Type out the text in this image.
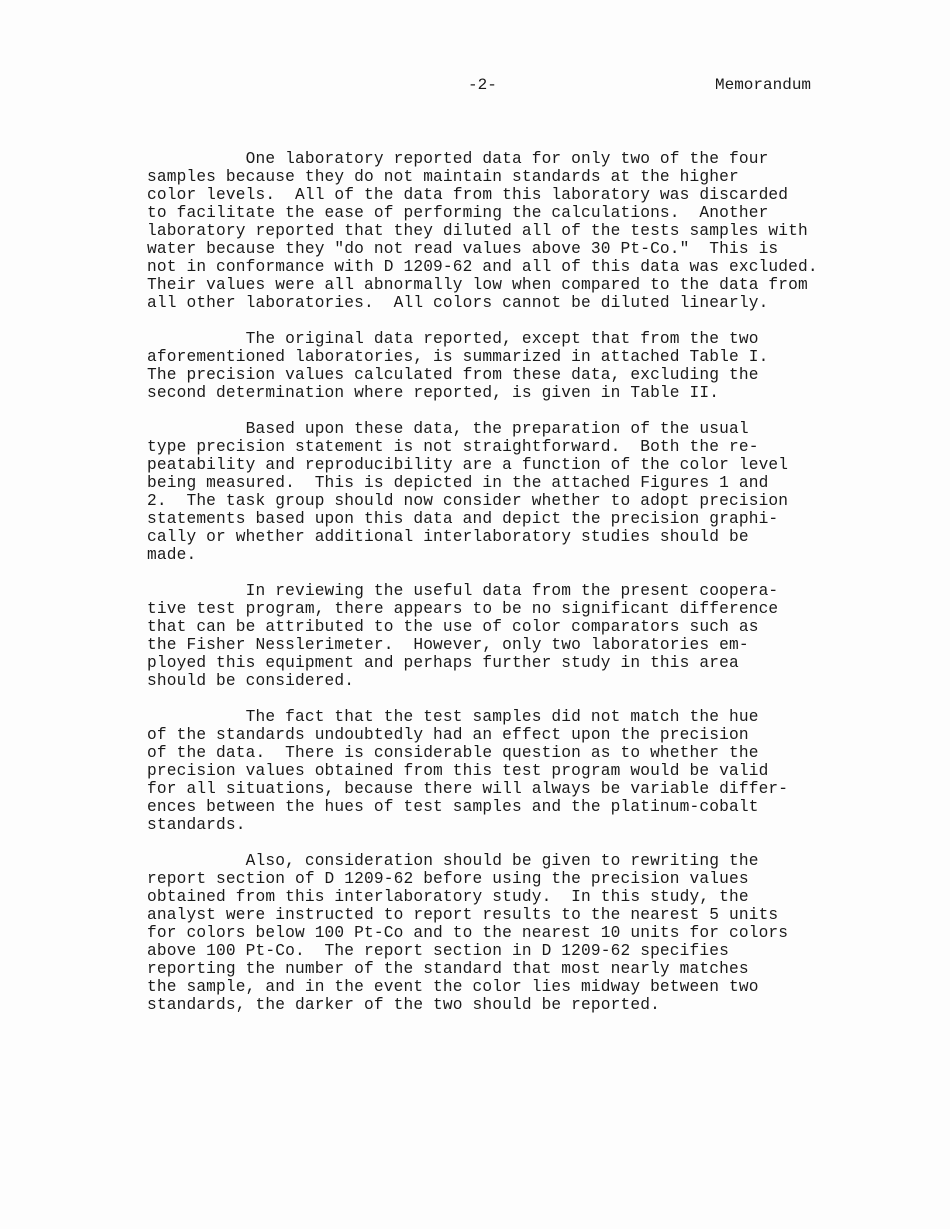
-2-	Memorandum
One laboratory reported data for only two of the four
samples because they do not maintain standards at the higher
color levels.  All of the data from this laboratory was discarded
to facilitate the ease of performing the calculations.  Another
laboratory reported that they diluted all of the tests samples with
water because they "do not read values above 30 Pt-Co."  This is
not in conformance with D 1209-62 and all of this data was excluded.
Their values were all abnormally low when compared to the data from
all other laboratories.  All colors cannot be diluted linearly.
The original data reported, except that from the two
aforementioned laboratories, is summarized in attached Table I.
The precision values calculated from these data, excluding the
second determination where reported, is given in Table II.
Based upon these data, the preparation of the usual
type precision statement is not straightforward.  Both the re-
peatability and reproducibility are a function of the color level
being measured.  This is depicted in the attached Figures 1 and
2.  The task group should now consider whether to adopt precision
statements based upon this data and depict the precision graphi-
cally or whether additional interlaboratory studies should be
made.
In reviewing the useful data from the present coopera-
tive test program, there appears to be no significant difference
that can be attributed to the use of color comparators such as
the Fisher Nesslerimeter.  However, only two laboratories em-
ployed this equipment and perhaps further study in this area
should be considered.
The fact that the test samples did not match the hue
of the standards undoubtedly had an effect upon the precision
of the data.  There is considerable question as to whether the
precision values obtained from this test program would be valid
for all situations, because there will always be variable differ-
ences between the hues of test samples and the platinum-cobalt
standards.
Also, consideration should be given to rewriting the
report section of D 1209-62 before using the precision values
obtained from this interlaboratory study.  In this study, the
analyst were instructed to report results to the nearest 5 units
for colors below 100 Pt-Co and to the nearest 10 units for colors
above 100 Pt-Co.  The report section in D 1209-62 specifies
reporting the number of the standard that most nearly matches
the sample, and in the event the color lies midway between two
standards, the darker of the two should be reported.
